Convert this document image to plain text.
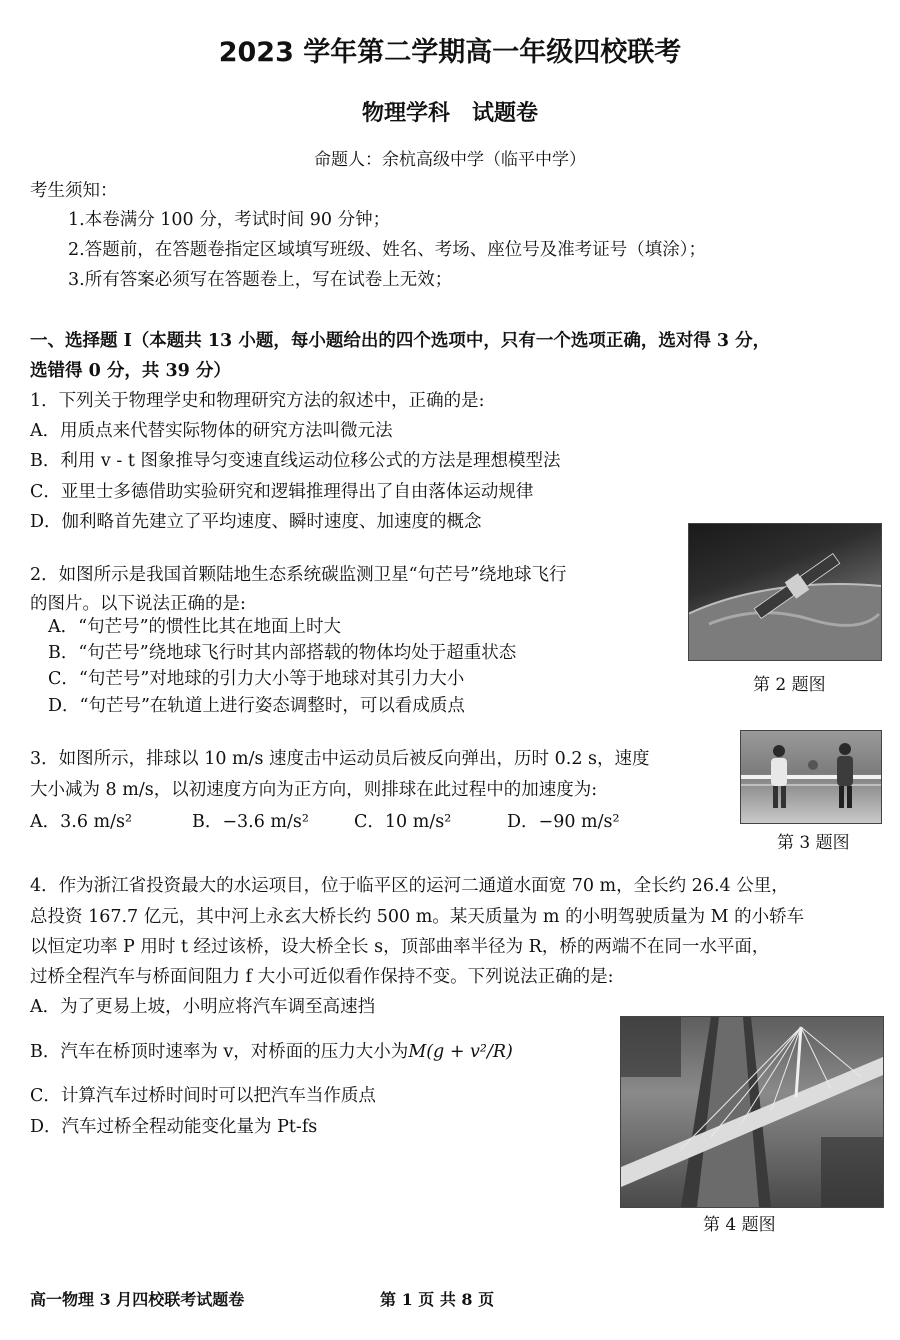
2023 学年第二学期高一年级四校联考
物理学科　试题卷
命题人：余杭高级中学（临平中学）
考生须知：
1.本卷满分 100 分，考试时间 90 分钟；
2.答题前，在答题卷指定区域填写班级、姓名、考场、座位号及准考证号（填涂）；
3.所有答案必须写在答题卷上，写在试卷上无效；
一、选择题 I（本题共 13 小题，每小题给出的四个选项中，只有一个选项正确，选对得 3 分，
选错得 0 分，共 39 分）
1．下列关于物理学史和物理研究方法的叙述中，正确的是:
A．用质点来代替实际物体的研究方法叫微元法
B．利用 v - t 图象推导匀变速直线运动位移公式的方法是理想模型法
C．亚里士多德借助实验研究和逻辑推理得出了自由落体运动规律
D．伽利略首先建立了平均速度、瞬时速度、加速度的概念
2．如图所示是我国首颗陆地生态系统碳监测卫星“句芒号”绕地球飞行
的图片。以下说法正确的是:
A．“句芒号”的惯性比其在地面上时大
B．“句芒号”绕地球飞行时其内部搭载的物体均处于超重状态
C．“句芒号”对地球的引力大小等于地球对其引力大小
D．“句芒号”在轨道上进行姿态调整时，可以看成质点
第 2 题图
3．如图所示，排球以 10 m/s 速度击中运动员后被反向弹出，历时 0.2 s，速度
大小减为 8 m/s，以初速度方向为正方向，则排球在此过程中的加速度为:
A．3.6 m/s²	B．−3.6 m/s²	C．10 m/s²	D．−90 m/s²
第 3 题图
4．作为浙江省投资最大的水运项目，位于临平区的运河二通道水面宽 70 m，全长约 26.4 公里，
总投资 167.7 亿元，其中河上永玄大桥长约 500 m。某天质量为 m 的小明驾驶质量为 M 的小轿车
以恒定功率 P 用时 t 经过该桥，设大桥全长 s，顶部曲率半径为 R，桥的两端不在同一水平面，
过桥全程汽车与桥面间阻力 f 大小可近似看作保持不变。下列说法正确的是:
A．为了更易上坡，小明应将汽车调至高速挡
B．汽车在桥顶时速率为 v，对桥面的压力大小为M(g + v²/R)
C．计算汽车过桥时间时可以把汽车当作质点
D．汽车过桥全程动能变化量为 Pt-fs
第 4 题图
高一物理 3 月四校联考试题卷	第 1 页 共 8 页
